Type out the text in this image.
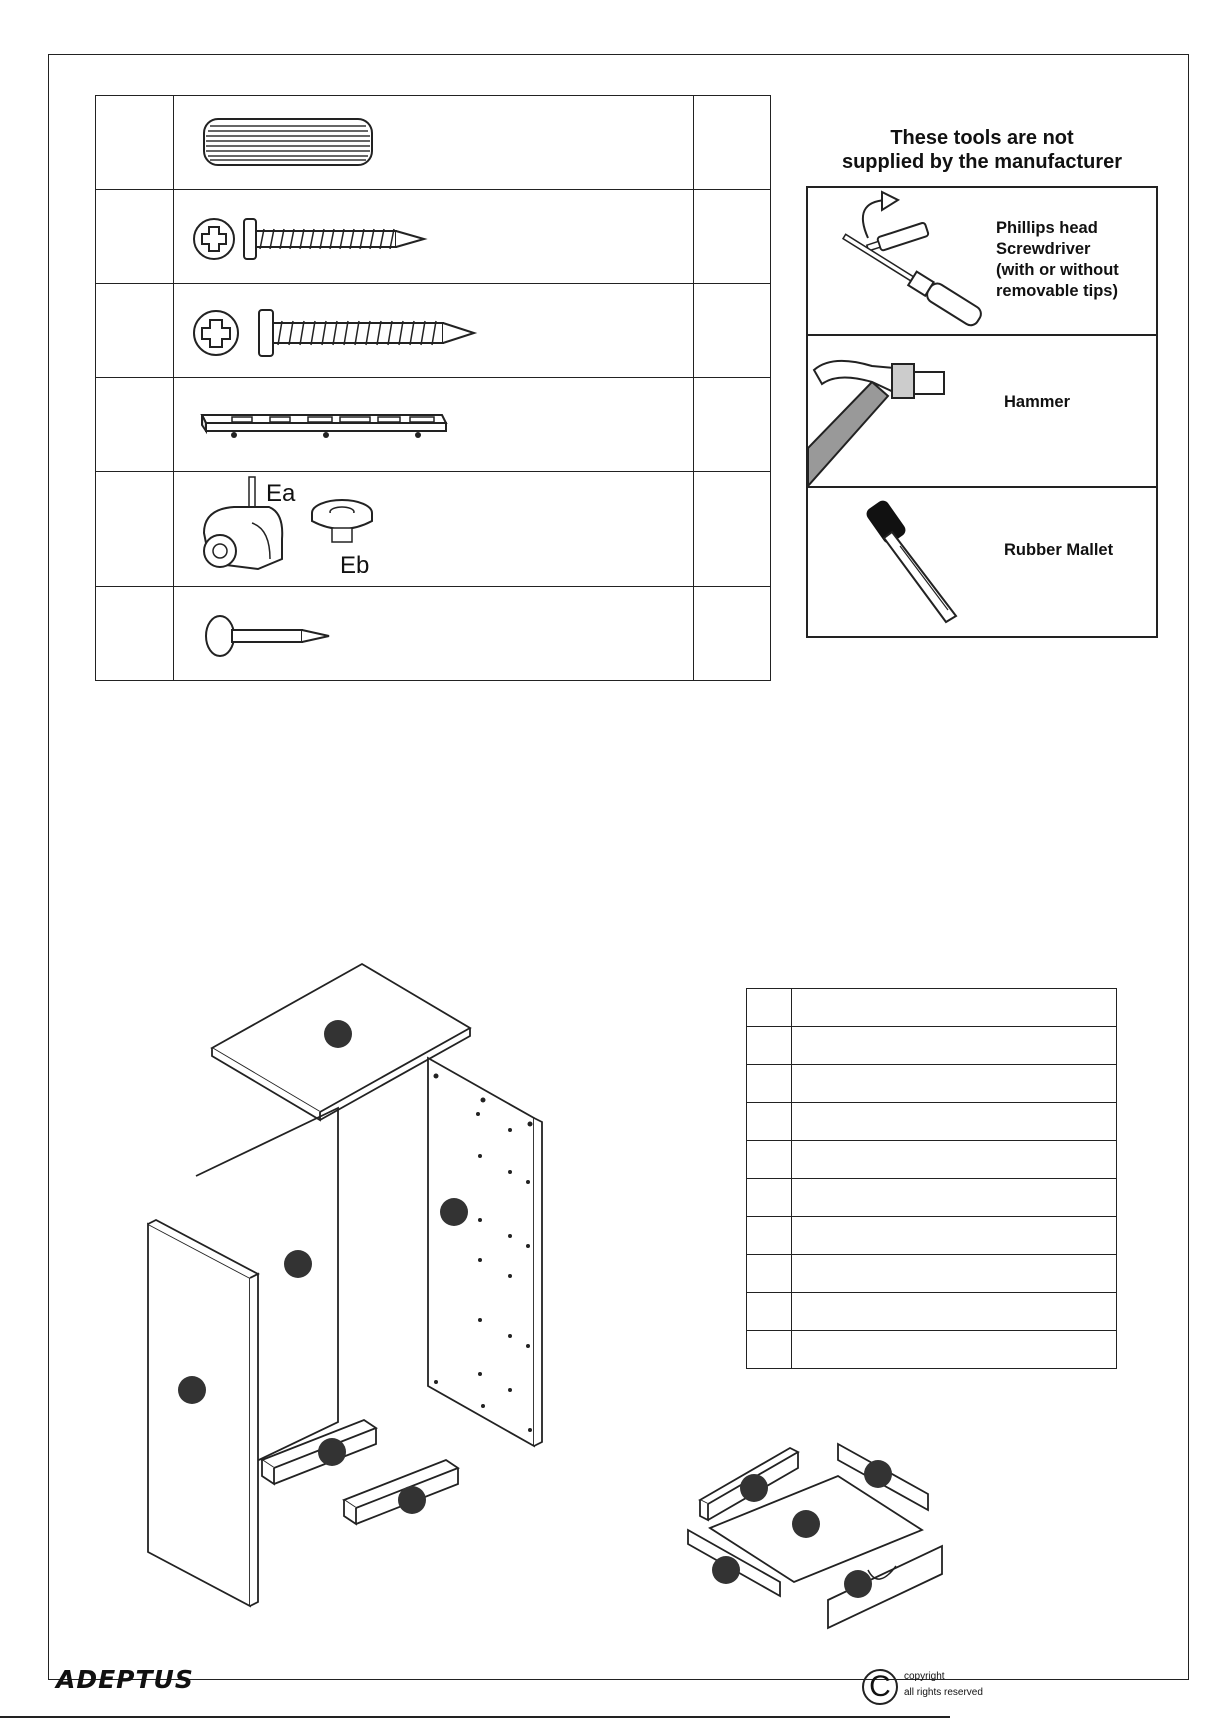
Ea
Eb	

These tools are not
supplied by the manufacturer
Phillips head
Screwdriver
(with or without
removable tips)
Hammer
Rubber Mallet

ADEPTUS	C	copyright
all rights reserved
